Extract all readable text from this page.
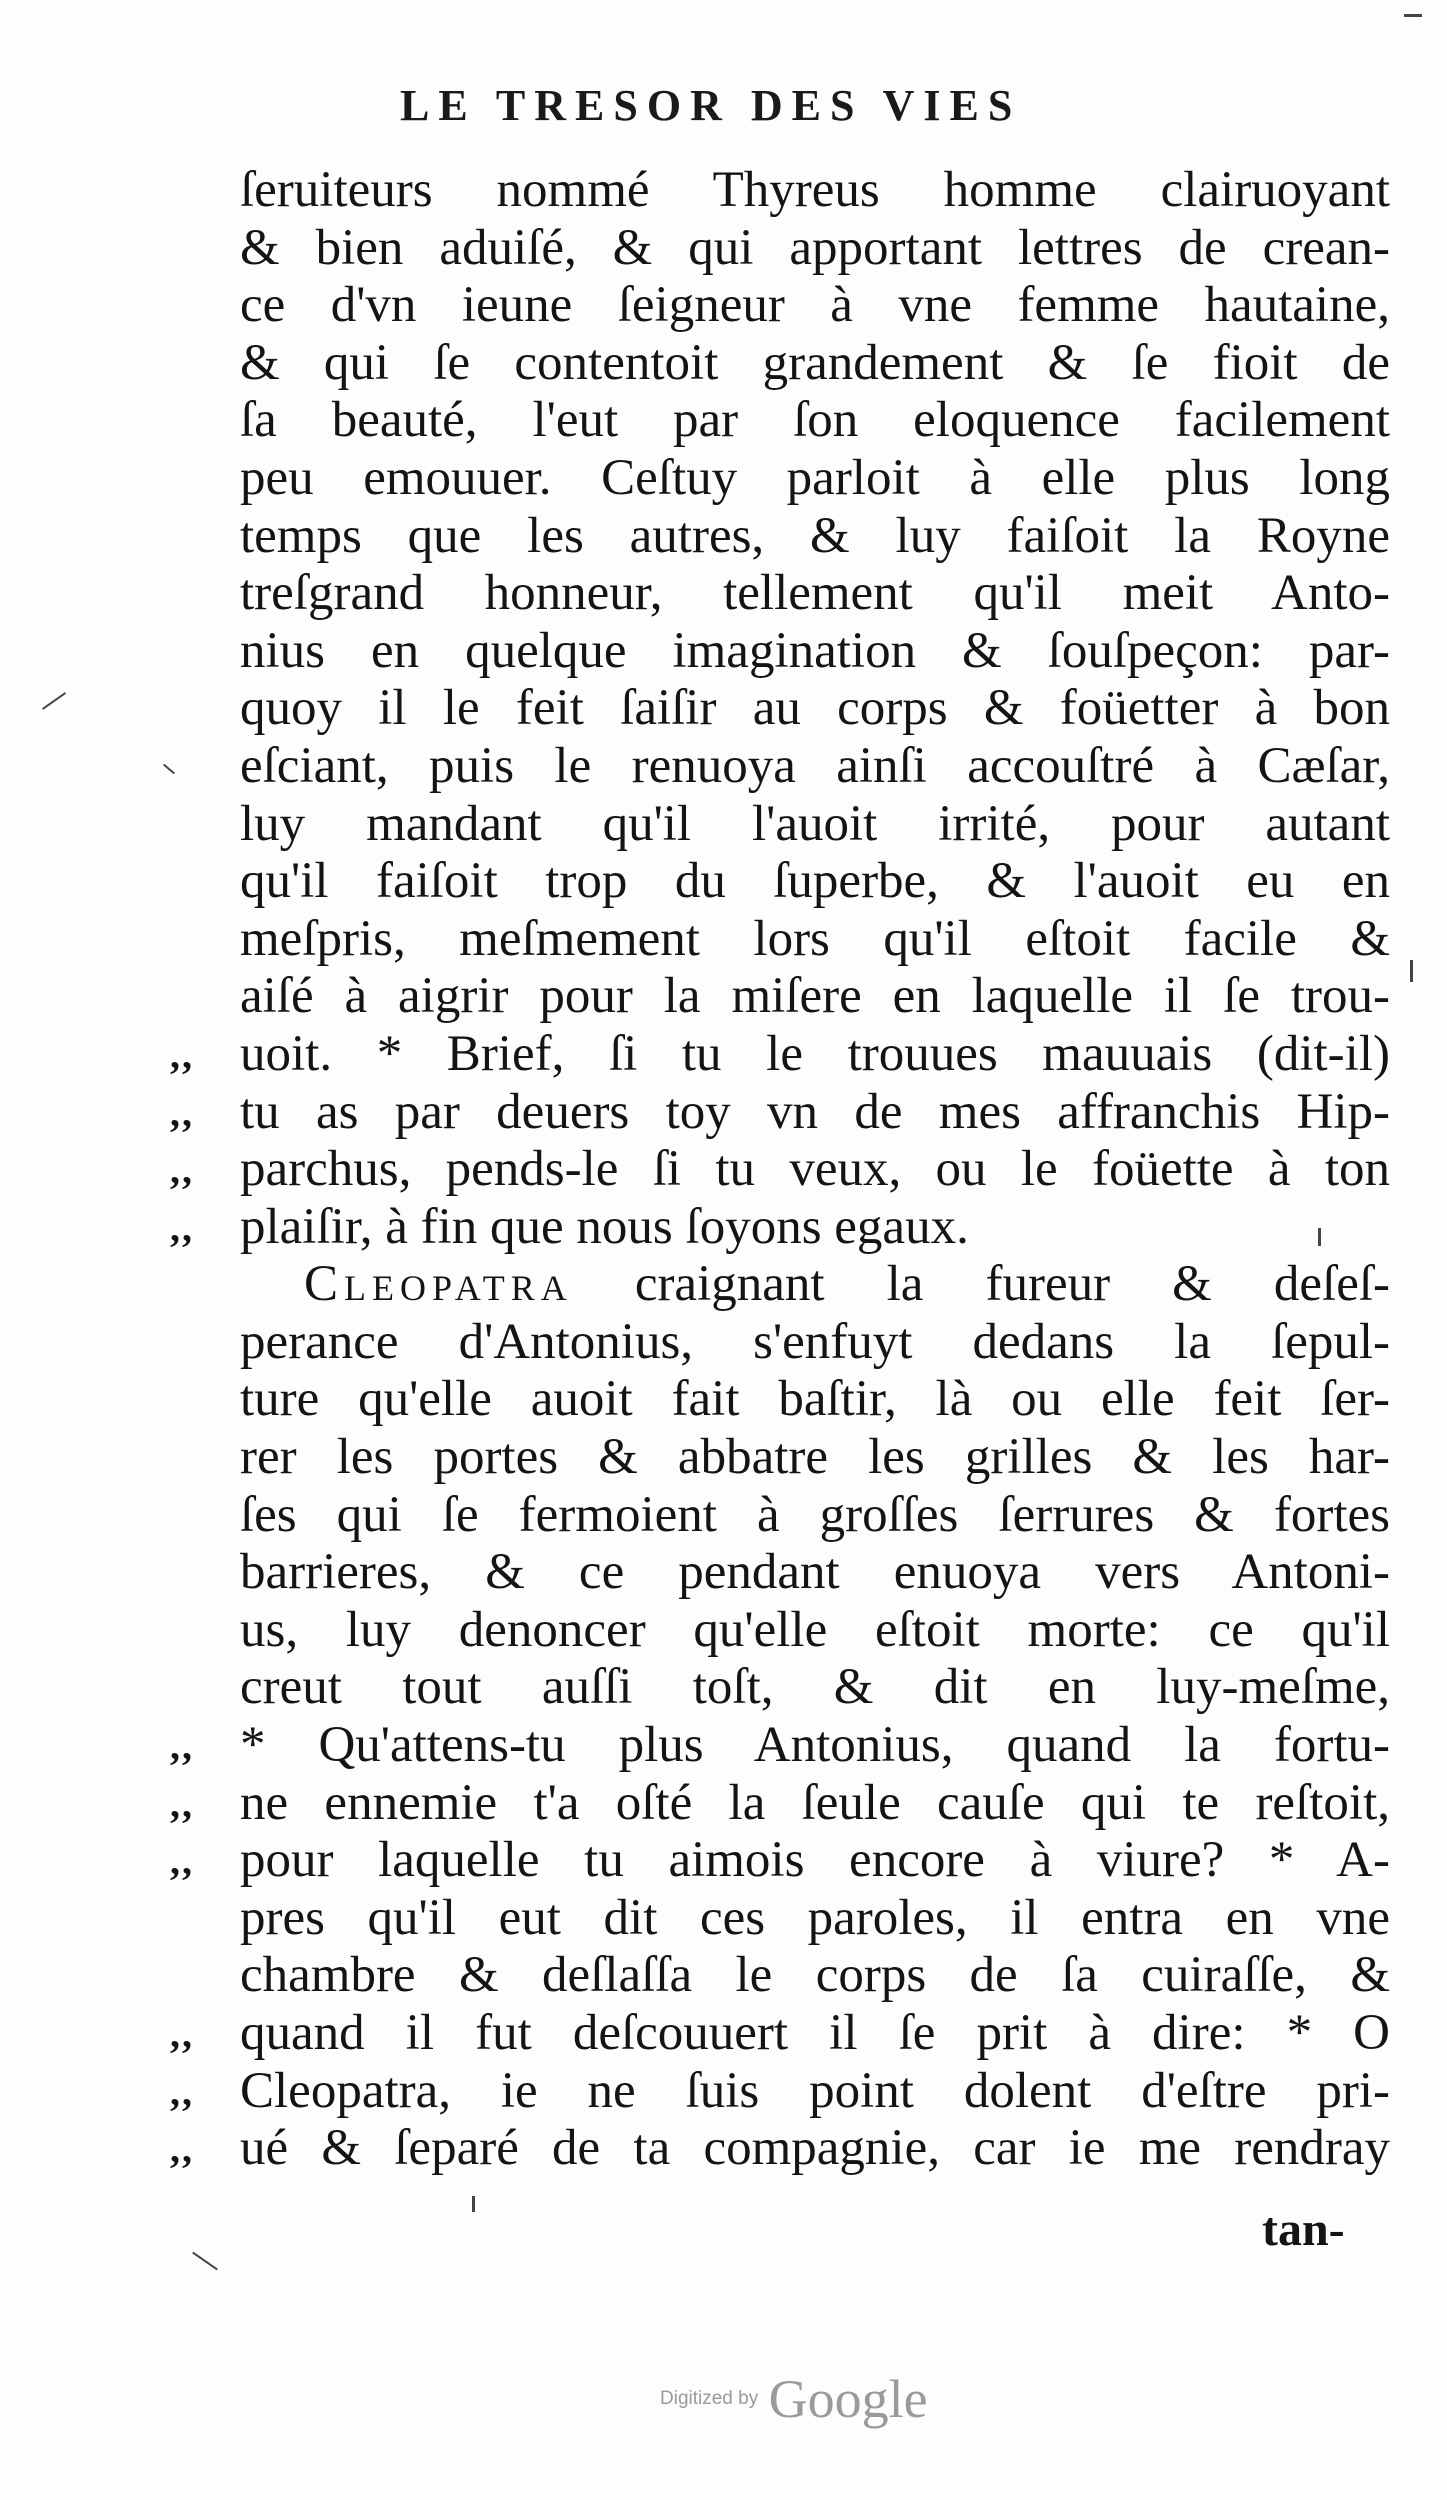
LE TRESOR DES VIES
ſeruiteurs nommé Thyreus homme clairuoyant
& bien aduiſé, & qui apportant lettres de crean-
ce d'vn ieune ſeigneur à vne femme hautaine,
& qui ſe contentoit grandement & ſe fioit de
ſa beauté, l'eut par ſon eloquence facilement
peu emouuer. Ceſtuy parloit à elle plus long
temps que les autres, & luy faiſoit la Royne
treſgrand honneur, tellement qu'il meit Anto-
nius en quelque imagination & ſouſpeçon: par-
quoy il le feit ſaiſir au corps & foüetter à bon
eſciant, puis le renuoya ainſi accouſtré à Cæſar,
luy mandant qu'il l'auoit irrité, pour autant
qu'il faiſoit trop du ſuperbe, & l'auoit eu en
meſpris, meſmement lors qu'il eſtoit facile &
aiſé à aigrir pour la miſere en laquelle il ſe trou-
,, uoit. * Brief, ſi tu le trouues mauuais (dit-il)
,, tu as par deuers toy vn de mes affranchis Hip-
,, parchus, pends-le ſi tu veux, ou le foüette à ton
,, plaiſir, à fin que nous ſoyons egaux.
Cleopatra craignant la fureur & deſeſ-
perance d'Antonius, s'enfuyt dedans la ſepul-
ture qu'elle auoit fait baſtir, là ou elle feit ſer-
rer les portes & abbatre les grilles & les har-
ſes qui ſe fermoient à groſſes ſerrures & fortes
barrieres, & ce pendant enuoya vers Antoni-
us, luy denoncer qu'elle eſtoit morte: ce qu'il
creut tout auſſi toſt, & dit en luy-meſme,
,, * Qu'attens-tu plus Antonius, quand la fortu-
,, ne ennemie t'a oſté la ſeule cauſe qui te reſtoit,
,, pour laquelle tu aimois encore à viure? * A-
pres qu'il eut dit ces paroles, il entra en vne
chambre & deſlaſſa le corps de ſa cuiraſſe, &
,, quand il fut deſcouuert il ſe prit à dire: * O
,, Cleopatra, ie ne ſuis point dolent d'eſtre pri-
,, ué & ſeparé de ta compagnie, car ie me rendray
tan-
Digitized by Google
